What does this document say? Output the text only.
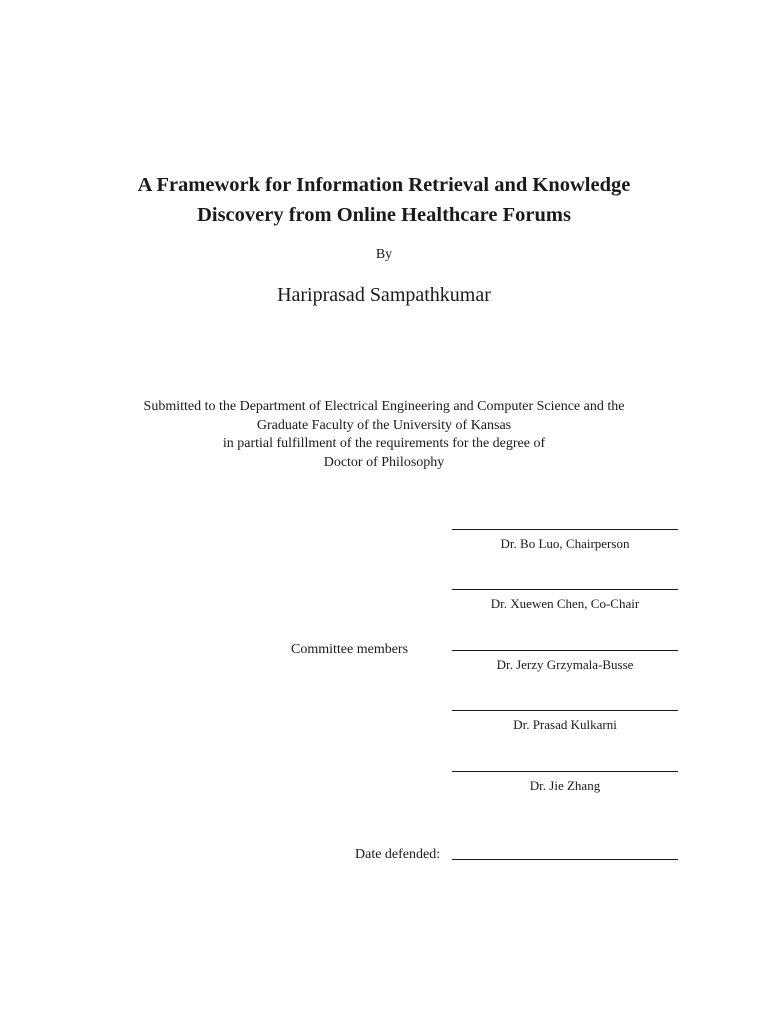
A Framework for Information Retrieval and Knowledge
Discovery from Online Healthcare Forums
By
Hariprasad Sampathkumar
Submitted to the Department of Electrical Engineering and Computer Science and the
Graduate Faculty of the University of Kansas
in partial fulfillment of the requirements for the degree of
Doctor of Philosophy
Dr. Bo Luo, Chairperson
Dr. Xuewen Chen, Co-Chair
Committee members
Dr. Jerzy Grzymala-Busse
Dr. Prasad Kulkarni
Dr. Jie Zhang
Date defended:
